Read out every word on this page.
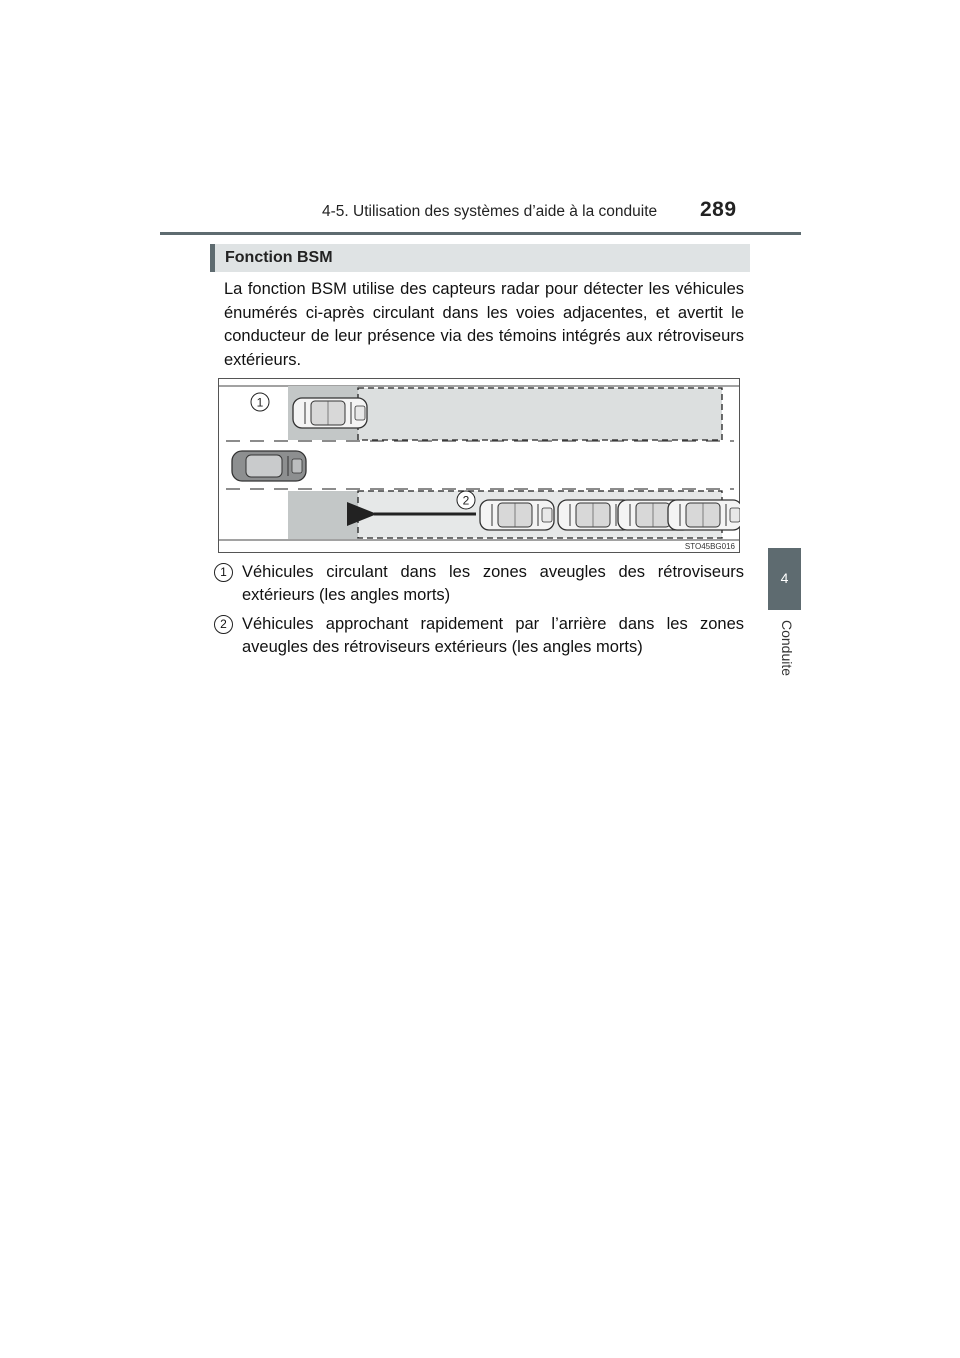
4-5. Utilisation des systèmes d’aide à la conduite 289
4
Conduite
Fonction BSM
La fonction BSM utilise des capteurs radar pour détecter les véhicules énumérés ci-après circulant dans les voies adjacentes, et avertit le conducteur de leur présence via des témoins intégrés aux rétroviseurs extérieurs.
1
2
STO45BG016
1 Véhicules circulant dans les zones aveugles des rétroviseurs extérieurs (les angles morts)
2 Véhicules approchant rapidement par l’arrière dans les zones aveugles des rétroviseurs extérieurs (les angles morts)
